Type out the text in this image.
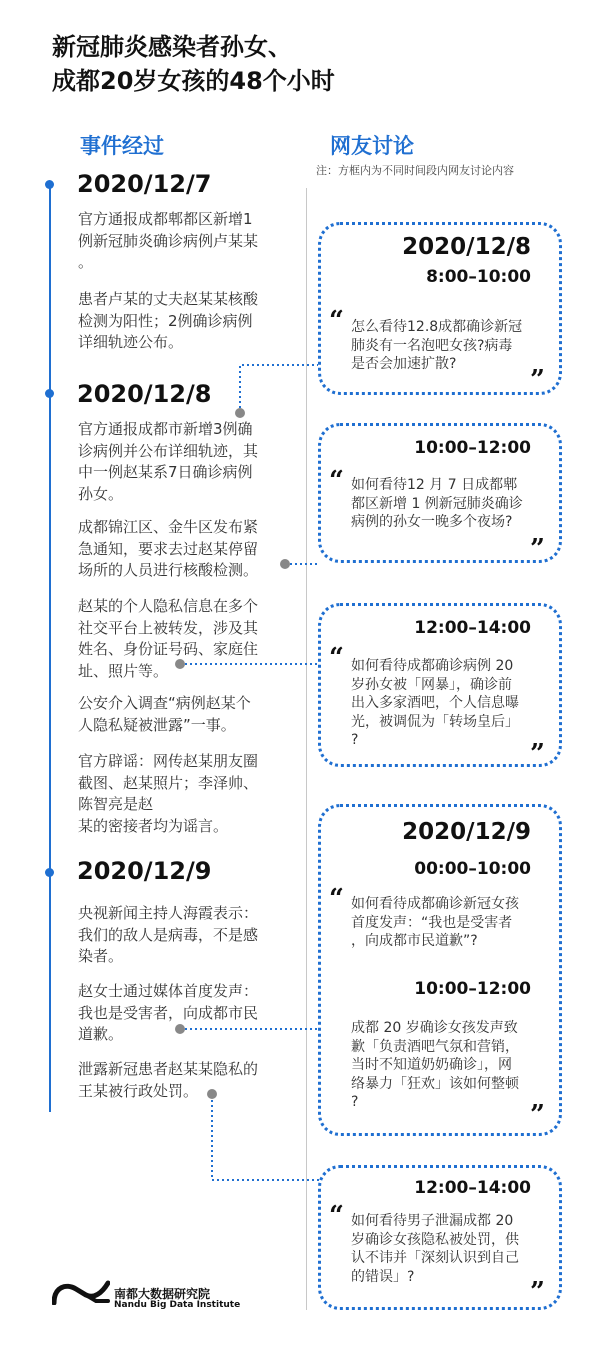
新冠肺炎感染者孙女、
成都20岁女孩的48个小时
事件经过	网友讨论
注：方框内为不同时间段内网友讨论内容
2020/12/7
2020/12/8
2020/12/9
官方通报成都郫都区新增1
例新冠肺炎确诊病例卢某某
。
患者卢某的丈夫赵某某核酸
检测为阳性；2例确诊病例
详细轨迹公布。
官方通报成都市新增3例确
诊病例并公布详细轨迹，其
中一例赵某系7日确诊病例
孙女。
成都锦江区、金牛区发布紧
急通知，要求去过赵某停留
场所的人员进行核酸检测。
赵某的个人隐私信息在多个
社交平台上被转发，涉及其
姓名、身份证号码、家庭住
址、照片等。
公安介入调查“病例赵某个
人隐私疑被泄露”一事。
官方辟谣：网传赵某朋友圈
截图、赵某照片；李泽帅、
陈智亮是赵
某的密接者均为谣言。
央视新闻主持人海霞表示：
我们的敌人是病毒，不是感
染者。
赵女士通过媒体首度发声：
我也是受害者，向成都市民
道歉。
泄露新冠患者赵某某隐私的
王某被行政处罚。
2020/12/8
8:00–10:00
“ 怎么看待12.8成都确诊新冠
肺炎有一名泡吧女孩?病毒
是否会加速扩散?
”
10:00–12:00
“ 如何看待12 月 7 日成都郫
都区新增 1 例新冠肺炎确诊
病例的孙女一晚多个夜场?
”
12:00–14:00
“ 如何看待成都确诊病例 20
岁孙女被「网暴」，确诊前
出入多家酒吧，个人信息曝
光，被调侃为「转场皇后」
?	”
2020/12/9
00:00–10:00
“ 如何看待成都确诊新冠女孩
首度发声：“我也是受害者
，向成都市民道歉”?
10:00–12:00
成都 20 岁确诊女孩发声致
歉「负责酒吧气氛和营销，
当时不知道奶奶确诊」，网
络暴力「狂欢」该如何整顿
?	”
12:00–14:00
“ 如何看待男子泄漏成都 20
岁确诊女孩隐私被处罚，供
认不讳并「深刻认识到自己
的错误」?
”
南都大数据研究院
Nandu Big Data Institute
